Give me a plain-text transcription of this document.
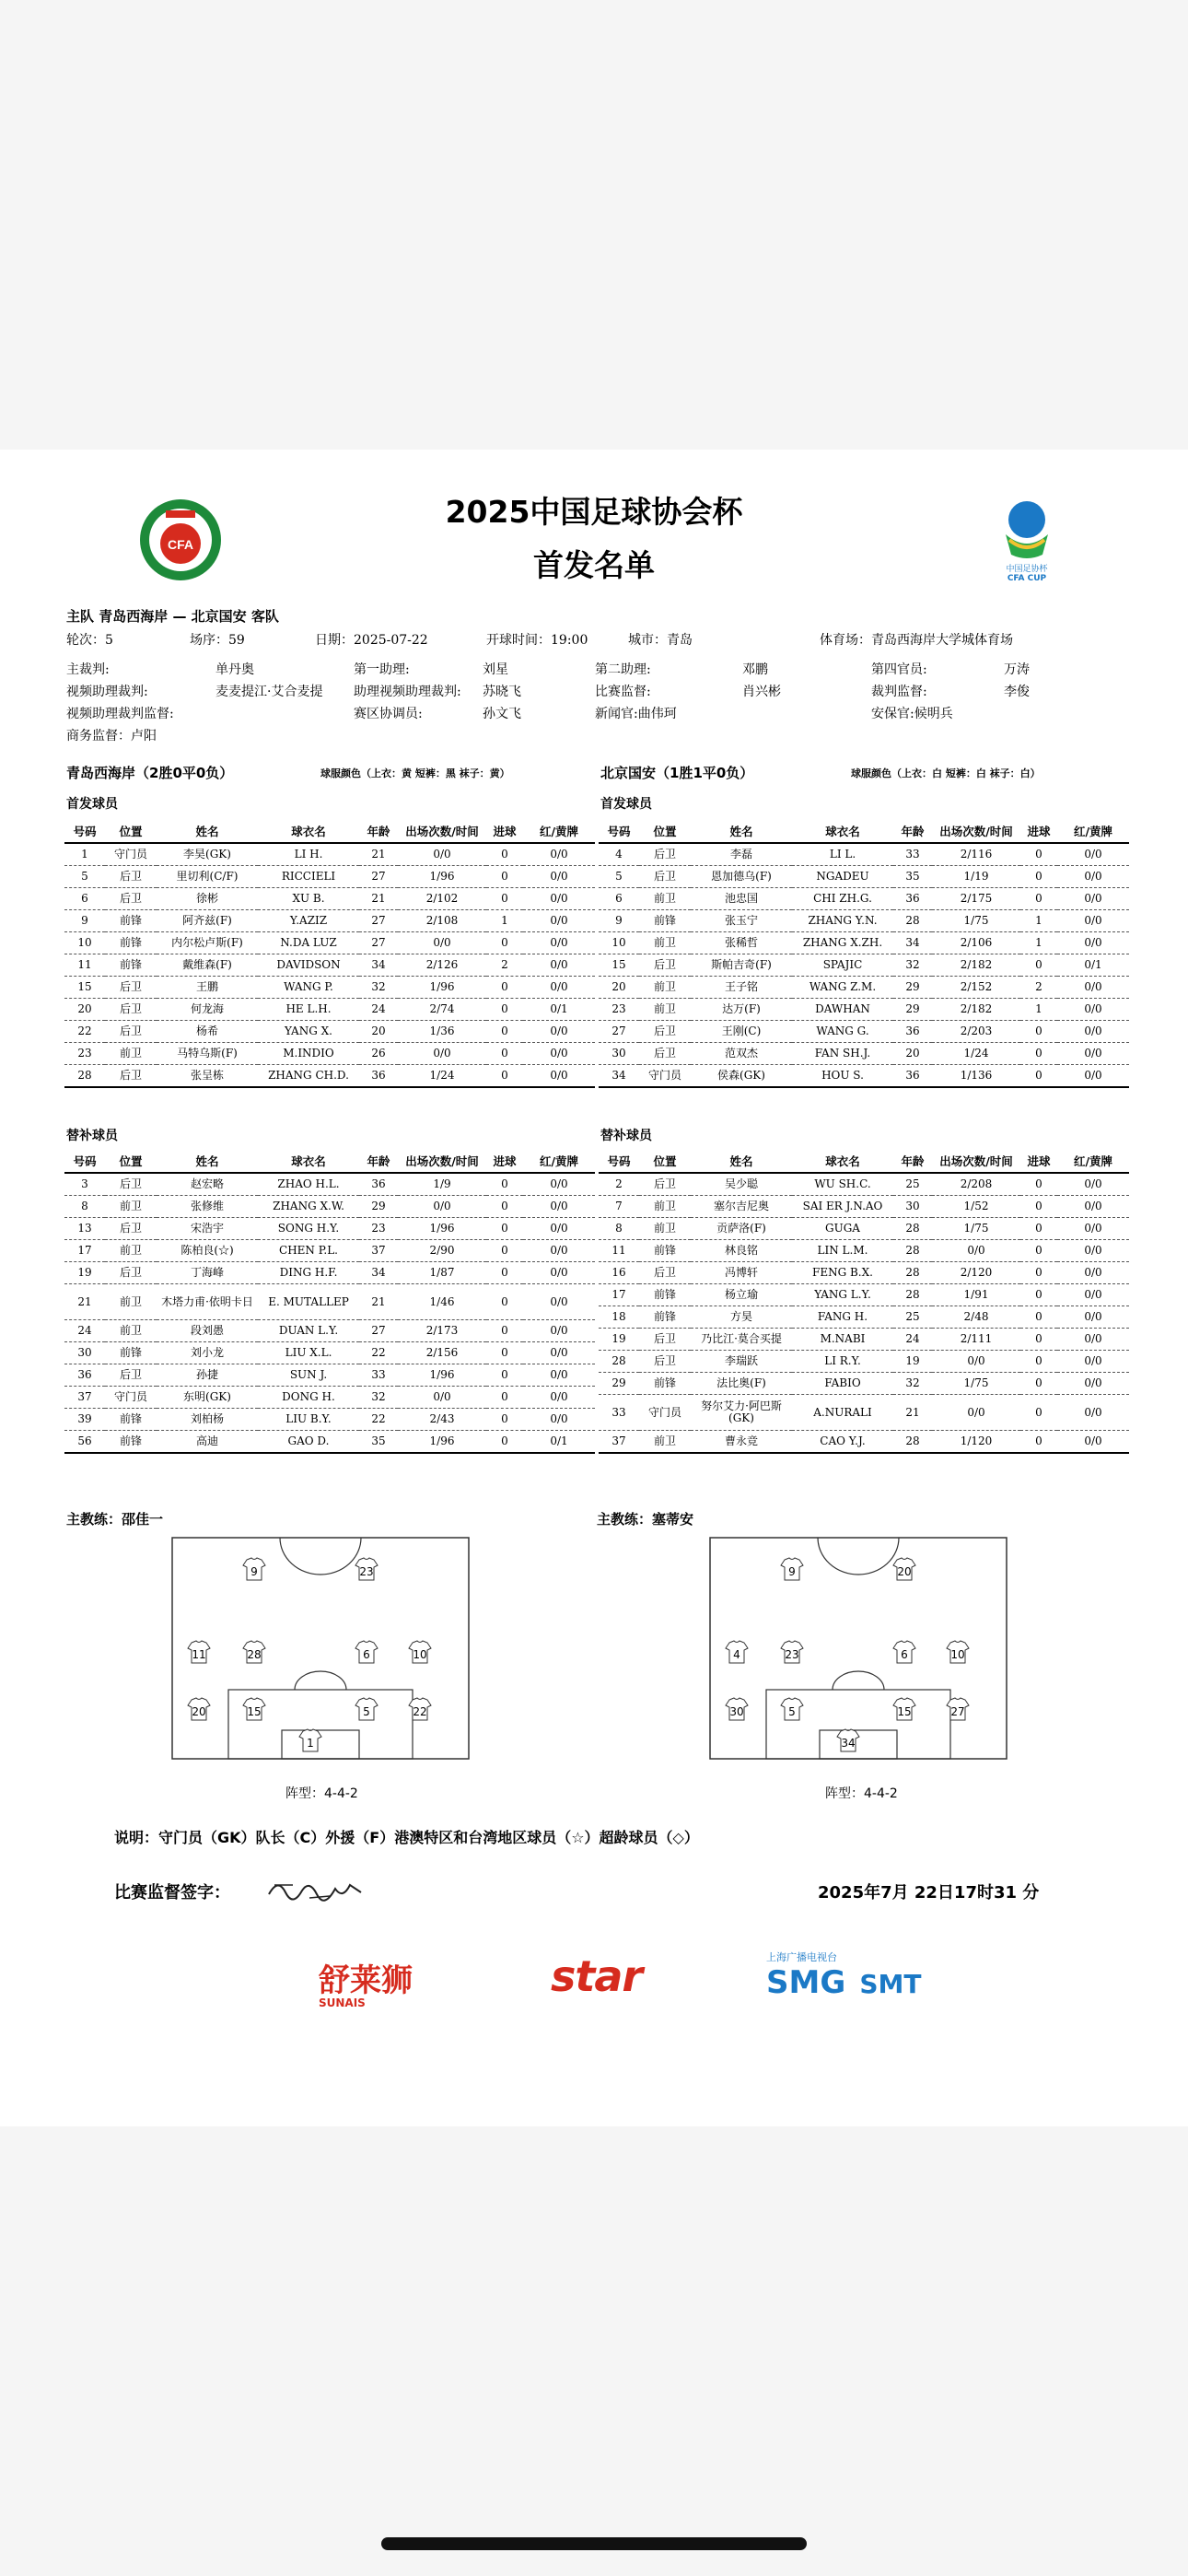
CFA
中国足协杯
CFA CUP
2025中国足球协会杯
首发名单
主队 青岛西海岸 — 北京国安 客队
轮次：5	场序：59	日期：2025-07-22	开球时间：19:00	城市：青岛	体育场：青岛西海岸大学城体育场
主裁判:	单丹奥	第一助理:	刘星	第二助理:	邓鹏	第四官员:	万涛
视频助理裁判:	麦麦提江·艾合麦提 助理视频助理裁判: 苏晓飞	比赛监督:	肖兴彬	裁判监督:	李俊
视频助理裁判监督:	赛区协调员:	孙文飞	新闻官:曲伟珂	安保官:候明兵
商务监督：卢阳
青岛西海岸（2胜0平0负）	球服颜色（上衣：黄 短裤：黑 袜子：黄）	北京国安（1胜1平0负）	球服颜色（上衣：白 短裤：白 袜子：白）
首发球员	首发球员
号码	位置	姓名	球衣名	年龄	出场次数/时间	进球	红/黄牌
1	守门员	李昊(GK)	LI H.	21	0/0	0	0/0
5	后卫	里切利(C/F)	RICCIELI	27	1/96	0	0/0
6	后卫	徐彬	XU B.	21	2/102	0	0/0
9	前锋	阿齐兹(F)	Y.AZIZ	27	2/108	1	0/0
10	前锋	内尔松卢斯(F)	N.DA LUZ	27	0/0	0	0/0
11	前锋	戴维森(F)	DAVIDSON	34	2/126	2	0/0
15	后卫	王鹏	WANG P.	32	1/96	0	0/0
20	后卫	何龙海	HE L.H.	24	2/74	0	0/1
22	后卫	杨希	YANG X.	20	1/36	0	0/0
23	前卫	马特乌斯(F)	M.INDIO	26	0/0	0	0/0
28	后卫	张呈栋	ZHANG CH.D.	36	1/24	0	0/0
号码	位置	姓名	球衣名	年龄	出场次数/时间	进球	红/黄牌
4	后卫	李磊	LI L.	33	2/116	0	0/0
5	后卫	恩加德乌(F)	NGADEU	35	1/19	0	0/0
6	前卫	池忠国	CHI ZH.G.	36	2/175	0	0/0
9	前锋	张玉宁	ZHANG Y.N.	28	1/75	1	0/0
10	前卫	张稀哲	ZHANG X.ZH.	34	2/106	1	0/0
15	后卫	斯帕吉奇(F)	SPAJIC	32	2/182	0	0/1
20	前卫	王子铭	WANG Z.M.	29	2/152	2	0/0
23	前卫	达万(F)	DAWHAN	29	2/182	1	0/0
27	后卫	王刚(C)	WANG G.	36	2/203	0	0/0
30	后卫	范双杰	FAN SH.J.	20	1/24	0	0/0
34	守门员	侯森(GK)	HOU S.	36	1/136	0	0/0
替补球员	替补球员
号码	位置	姓名	球衣名	年龄	出场次数/时间	进球	红/黄牌
3	后卫	赵宏略	ZHAO H.L.	36	1/9	0	0/0
8	前卫	张修维	ZHANG X.W.	29	0/0	0	0/0
13	后卫	宋浩宇	SONG H.Y.	23	1/96	0	0/0
17	前卫	陈柏良(☆)	CHEN P.L.	37	2/90	0	0/0
19	后卫	丁海峰	DING H.F.	34	1/87	0	0/0
21	前卫	木塔力甫·依明卡日	E. MUTALLEP	21	1/46	0	0/0
24	前卫	段刘愚	DUAN L.Y.	27	2/173	0	0/0
30	前锋	刘小龙	LIU X.L.	22	2/156	0	0/0
36	后卫	孙捷	SUN J.	33	1/96	0	0/0
37	守门员	东明(GK)	DONG H.	32	0/0	0	0/0
39	前锋	刘柏杨	LIU B.Y.	22	2/43	0	0/0
56	前锋	高迪	GAO D.	35	1/96	0	0/1
号码	位置	姓名	球衣名	年龄	出场次数/时间	进球	红/黄牌
2	后卫	吴少聪	WU SH.C.	25	2/208	0	0/0
7	前卫	塞尔吉尼奥	SAI ER J.N.AO	30	1/52	0	0/0
8	前卫	贡萨洛(F)	GUGA	28	1/75	0	0/0
11	前锋	林良铭	LIN L.M.	28	0/0	0	0/0
16	后卫	冯博轩	FENG B.X.	28	2/120	0	0/0
17	前锋	杨立瑜	YANG L.Y.	28	1/91	0	0/0
18	前锋	方昊	FANG H.	25	2/48	0	0/0
19	后卫	乃比江·莫合买提	M.NABI	24	2/111	0	0/0
28	后卫	李瑞跃	LI R.Y.	19	0/0	0	0/0
29	前锋	法比奥(F)	FABIO	32	1/75	0	0/0
33	守门员	努尔艾力·阿巴斯(GK)	A.NURALI	21	0/0	0	0/0
37	前卫	曹永竞	CAO Y.J.	28	1/120	0	0/0
主教练：邵佳一	主教练：塞蒂安
9	23
11	28	6	10
20	15	5	22
1
9	20
4	23	6	10
30	5	15	27
34
阵型：4-4-2	阵型：4-4-2
说明：守门员（GK）队长（C）外援（F）港澳特区和台湾地区球员（☆）超龄球员（◇）
比赛监督签字：	2025年7月 22日17时31 分
舒莱狮
SUNAIS
star	上海广播电视台
SMG SMT
